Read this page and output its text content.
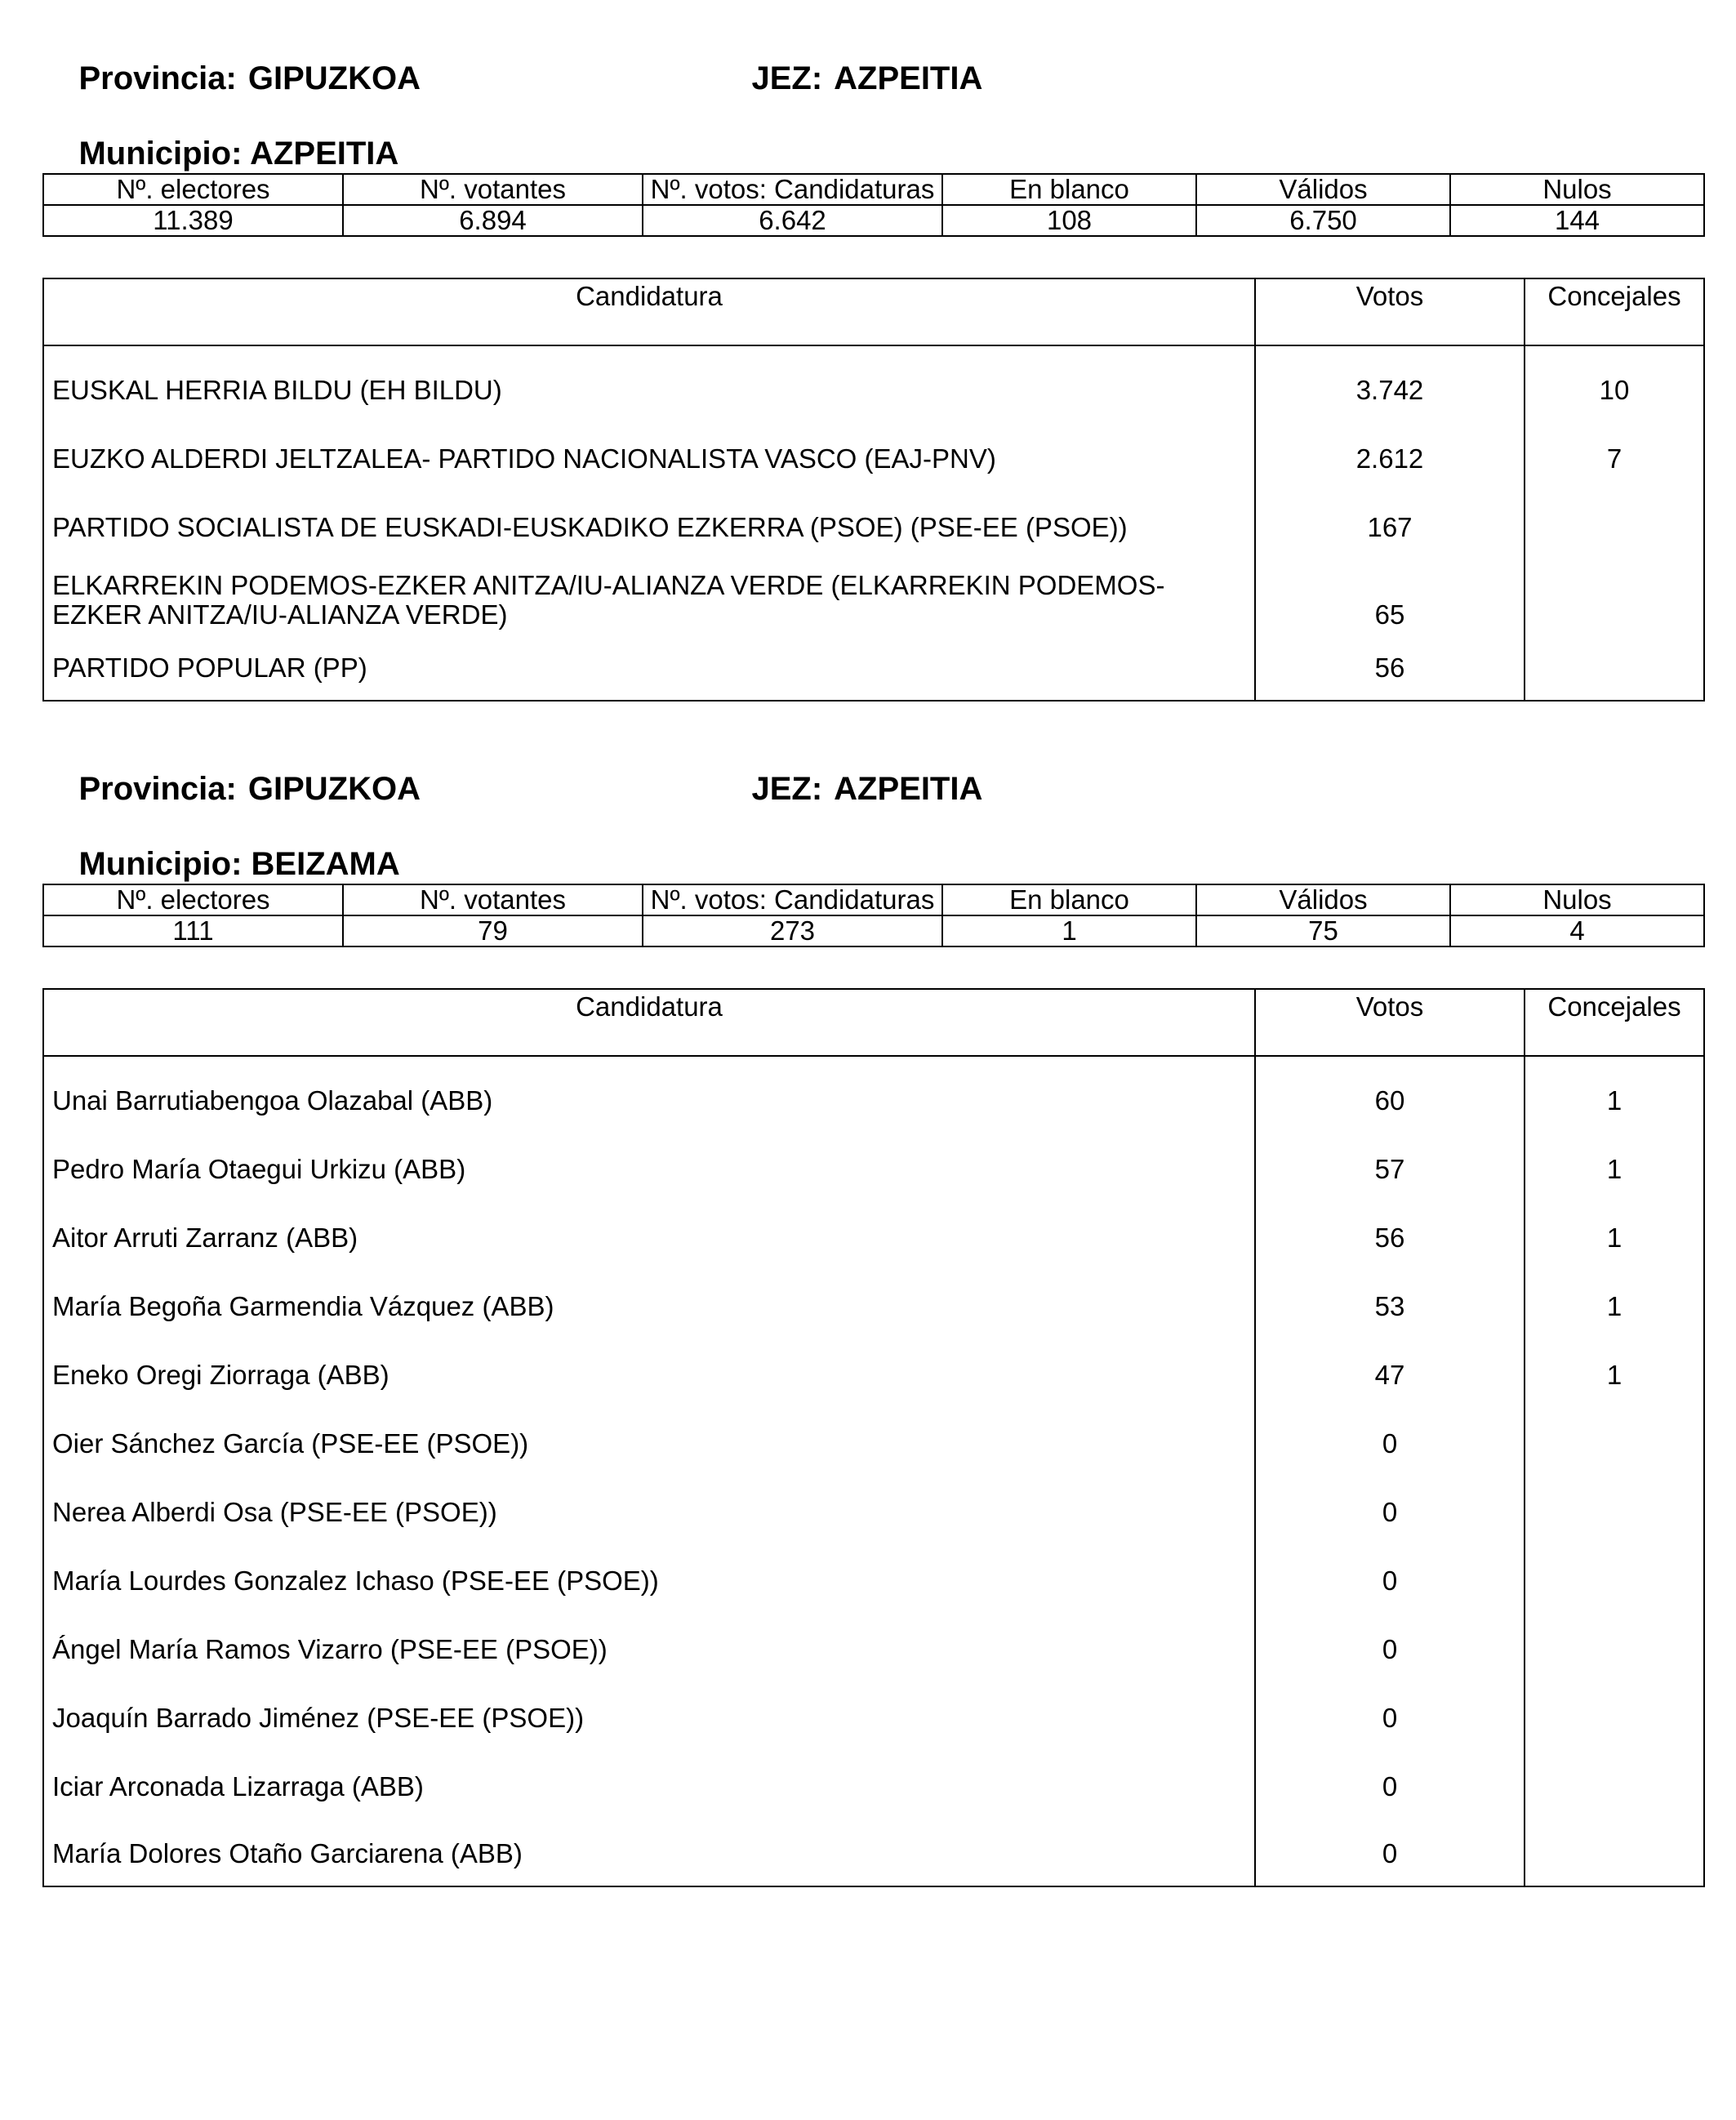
Provincia: GIPUZKOA
	JEZ: AZPEITIA

Municipio: AZPEITIA

Nº. electores	Nº. votantes	Nº. votos: Candidaturas	En blanco	Válidos	Nulos
11.389	6.894	6.642	108	6.750	144
Candidatura	Votos	Concejales

EUSKAL HERRIA BILDU (EH BILDU)	3.742	10
EUZKO ALDERDI JELTZALEA- PARTIDO NACIONALISTA VASCO (EAJ-PNV)	2.612	7
PARTIDO SOCIALISTA DE EUSKADI-EUSKADIKO EZKERRA (PSOE) (PSE-EE (PSOE))	167	

ELKARREKIN PODEMOS-EZKER ANITZA/IU-ALIANZA VERDE (ELKARREKIN PODEMOS-
EZKER ANITZA/IU-ALIANZA VERDE)	65	
PARTIDO POPULAR (PP)	56	

Provincia: GIPUZKOA
	JEZ: AZPEITIA

Municipio: BEIZAMA

Nº. electores	Nº. votantes	Nº. votos: Candidaturas	En blanco	Válidos	Nulos
111	79	273	1	75	4
Candidatura	Votos	Concejales

Unai Barrutiabengoa Olazabal (ABB)	60	1
Pedro María Otaegui Urkizu (ABB)	57	1
Aitor Arruti Zarranz (ABB)	56	1
María Begoña Garmendia Vázquez (ABB)	53	1
Eneko Oregi Ziorraga (ABB)	47	1
Oier Sánchez García (PSE-EE (PSOE))	0	
Nerea Alberdi Osa (PSE-EE (PSOE))	0	
María Lourdes Gonzalez Ichaso (PSE-EE (PSOE))	0	
Ángel María Ramos Vizarro (PSE-EE (PSOE))	0	
Joaquín Barrado Jiménez (PSE-EE (PSOE))	0	
Iciar Arconada Lizarraga (ABB)	0	
María Dolores Otaño Garciarena (ABB)	0	
